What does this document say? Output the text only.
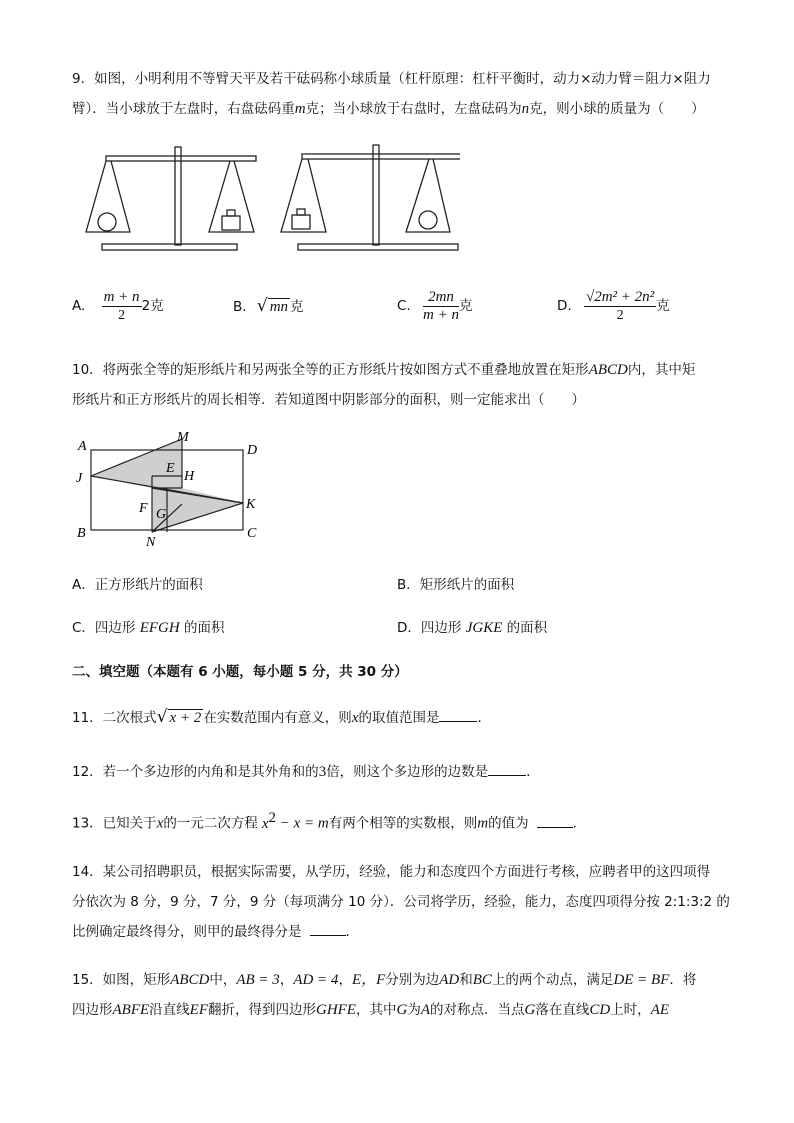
9．如图，小明利用不等臂天平及若干砝码称小球质量（杠杆原理：杠杆平衡时，动力×动力臂＝阻力×阻力
臂）．当小球放于左盘时，右盘砝码重m克；当小球放于右盘时，左盘砝码为n克，则小球的质量为（　　）
A. $\frac{m + n}{2} 2$克	B. √ mn 克	C. $\frac{2mn}{m + n}$ 克	D. $\frac{\text{√2m² + 2n²}}{2}$ 克
10．将两张全等的矩形纸片和另两张全等的正方形纸片按如图方式不重叠地放置在矩形ABCD内，其中矩
形纸片和正方形纸片的周长相等．若知道图中阴影部分的面积，则一定能求出（　　）
A
M
D
J
E
H
K
F G
B
N
C
A．正方形纸片的面积	B．矩形纸片的面积
C．四边形 EFGH 的面积	D．四边形 JGKE 的面积
二、填空题（本题有 6 小题，每小题 5 分，共 30 分）
11．二次根式√ x + 2 在实数范围内有意义，则x的取值范围是	．
12．若一个多边形的内角和是其外角和的3倍，则这个多边形的边数是	．
13．已知关于x的一元二次方程 $x^2 - x = m$有两个相等的实数根，则m的值为	．
14．某公司招聘职员，根据实际需要，从学历，经验，能力和态度四个方面进行考核，应聘者甲的这四项得
分依次为 8 分，9 分，7 分，9 分（每项满分 10 分）．公司将学历，经验，能力，态度四项得分按 2:1:3:2 的
比例确定最终得分，则甲的最终得分是	．
15．如图，矩形ABCD中，AB = 3，AD = 4，E，F分别为边AD和BC上的两个动点，满足DE = BF．将
四边形ABFE沿直线EF翻折，得到四边形GHFE，其中G为A的对称点．当点G落在直线CD上时，AE
